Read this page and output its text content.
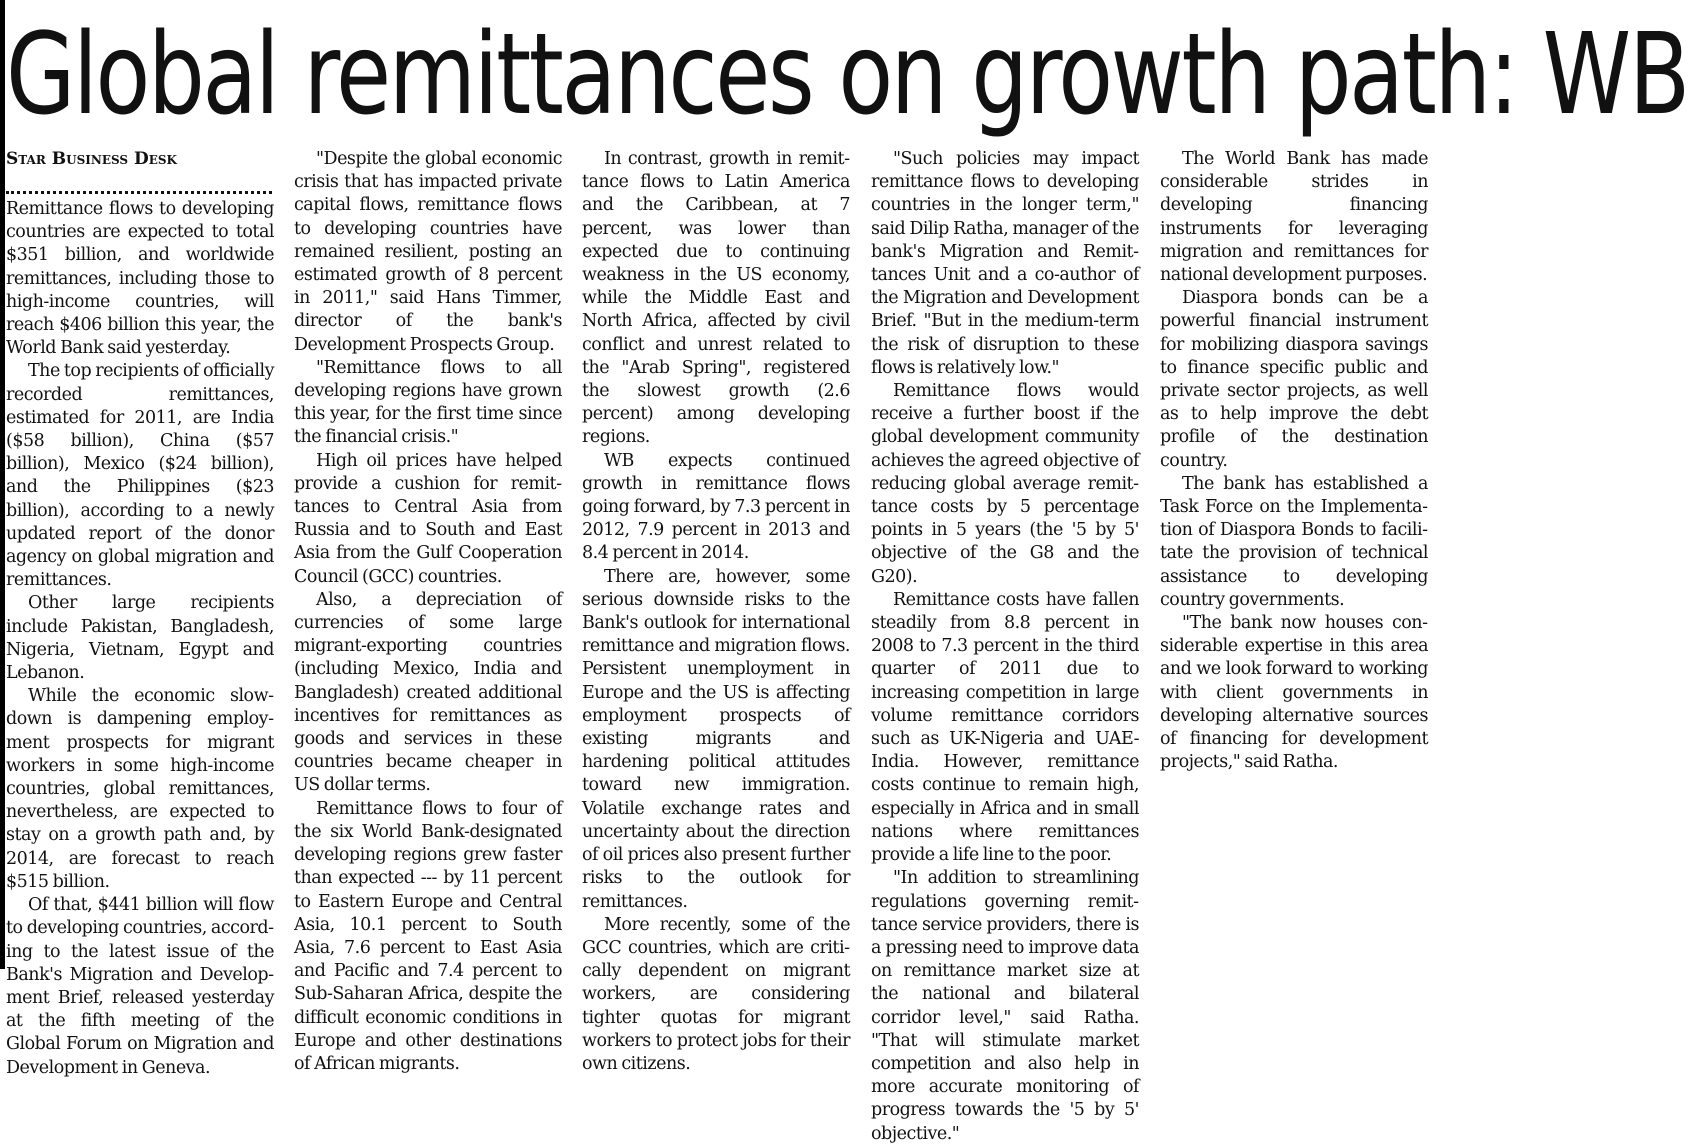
Global remittances on growth path: WB
Star Business Desk

Remittance flows to developing countries are expected to total $351 billion, and worldwide remittances, including those to high-income countries, will reach $406 billion this year, the World Bank said yesterday.

The top recipients of officially recorded remittances, estimated for 2011, are India ($58 billion), China ($57 billion), Mexico ($24 billion), and the Philippines ($23 billion), according to a newly updated report of the donor agency on global migration and remittances.

Other large recipients include Pakistan, Bangladesh, Nigeria, Vietnam, Egypt and Lebanon.

While the economic slowdown is dampening employment prospects for migrant workers in some high-income countries, global remittances, nevertheless, are expected to stay on a growth path and, by 2014, are forecast to reach $515 billion.

Of that, $441 billion will flow to developing countries, according to the latest issue of the Bank's Migration and Development Brief, released yesterday at the fifth meeting of the Global Forum on Migration and Development in Geneva.

"Despite the global economic crisis that has impacted private capital flows, remittance flows to developing countries have remained resilient, posting an estimated growth of 8 percent in 2011," said Hans Timmer, director of the bank's Development Prospects Group.

"Remittance flows to all developing regions have grown this year, for the first time since the financial crisis."

High oil prices have helped provide a cushion for remittances to Central Asia from Russia and to South and East Asia from the Gulf Cooperation Council (GCC) countries.

Also, a depreciation of currencies of some large migrant-exporting countries (including Mexico, India and Bangladesh) created additional incentives for remittances as goods and services in these countries became cheaper in US dollar terms.

Remittance flows to four of the six World Bank-designated developing regions grew faster than expected --- by 11 percent to Eastern Europe and Central Asia, 10.1 percent to South Asia, 7.6 percent to East Asia and Pacific and 7.4 percent to Sub-Saharan Africa, despite the difficult economic conditions in Europe and other destinations of African migrants.

In contrast, growth in remittance flows to Latin America and the Caribbean, at 7 percent, was lower than expected due to continuing weakness in the US economy, while the Middle East and North Africa, affected by civil conflict and unrest related to the "Arab Spring", registered the slowest growth (2.6 percent) among developing regions.

WB expects continued growth in remittance flows going forward, by 7.3 percent in 2012, 7.9 percent in 2013 and 8.4 percent in 2014.

There are, however, some serious downside risks to the Bank's outlook for international remittance and migration flows. Persistent unemployment in Europe and the US is affecting employment prospects of existing migrants and hardening political attitudes toward new immigration. Volatile exchange rates and uncertainty about the direction of oil prices also present further risks to the outlook for remittances.

More recently, some of the GCC countries, which are critically dependent on migrant workers, are considering tighter quotas for migrant workers to protect jobs for their own citizens.

"Such policies may impact remittance flows to developing countries in the longer term," said Dilip Ratha, manager of the bank's Migration and Remittances Unit and a co-author of the Migration and Development Brief. "But in the medium-term the risk of disruption to these flows is relatively low."

Remittance flows would receive a further boost if the global development community achieves the agreed objective of reducing global average remittance costs by 5 percentage points in 5 years (the '5 by 5' objective of the G8 and the G20).

Remittance costs have fallen steadily from 8.8 percent in 2008 to 7.3 percent in the third quarter of 2011 due to increasing competition in large volume remittance corridors such as UK-Nigeria and UAE-India. However, remittance costs continue to remain high, especially in Africa and in small nations where remittances provide a life line to the poor.

"In addition to streamlining regulations governing remittance service providers, there is a pressing need to improve data on remittance market size at the national and bilateral corridor level," said Ratha. "That will stimulate market competition and also help in more accurate monitoring of progress towards the '5 by 5' objective."

The World Bank has made considerable strides in developing financing instruments for leveraging migration and remittances for national development purposes.

Diaspora bonds can be a powerful financial instrument for mobilizing diaspora savings to finance specific public and private sector projects, as well as to help improve the debt profile of the destination country.

The bank has established a Task Force on the Implementation of Diaspora Bonds to facilitate the provision of technical assistance to developing country governments.

"The bank now houses considerable expertise in this area and we look forward to working with client governments in developing alternative sources of financing for development projects," said Ratha.
